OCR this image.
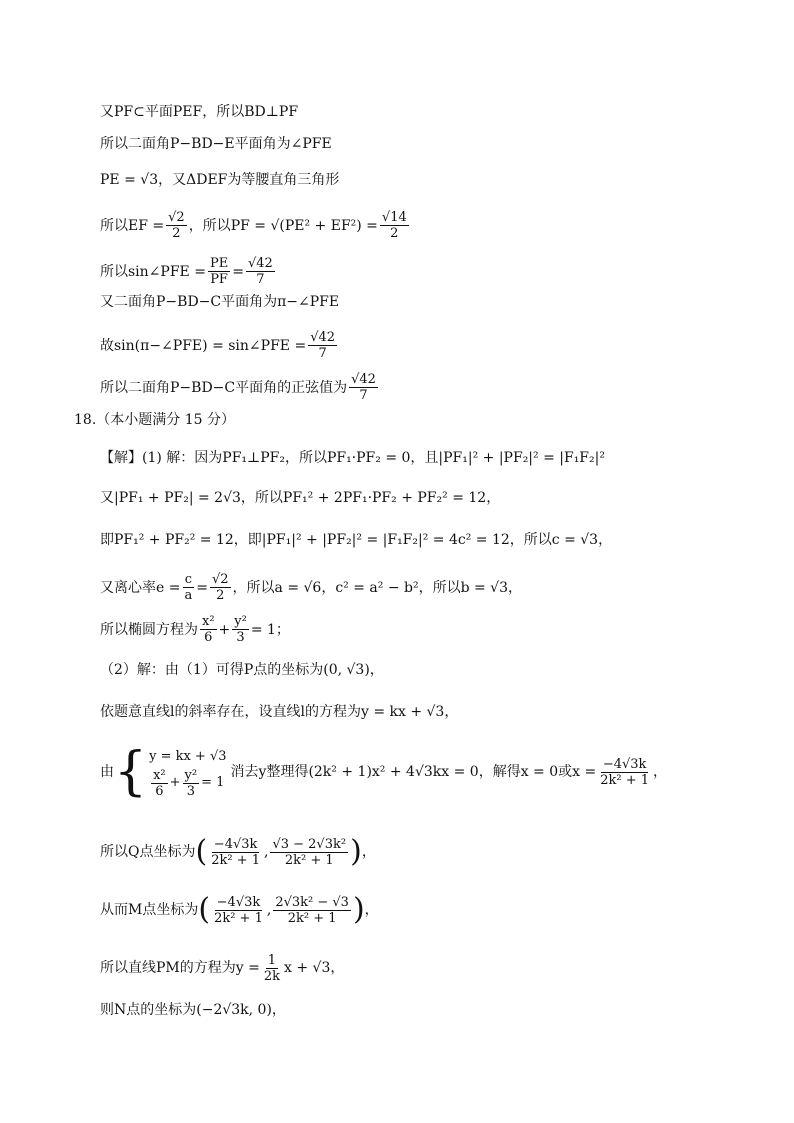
又PF⊂平面PEF，所以BD⊥PF
所以二面角P−BD−E平面角为∠PFE
PE = √3 ，又ΔDEF为等腰直角三角形
所以 EF = $\frac{√2}{2}$ ，所以 PF = $√(PE^2 + EF^2) = \frac{√14}{2}$
所以sin∠PFE = $\frac{PE}{PF} = \frac{√42}{7}$
又二面角P−BD−C平面角为π−∠PFE
故sin(π−∠PFE) = sin∠PFE = $\frac{√42}{7}$
所以二面角P−BD−C平面角的正弦值为 $\frac{√42}{7}$
18.（本小题满分 15 分）
【解】(1) 解：因为PF₁⊥PF₂，所以PF₁·PF₂ = 0，且|PF₁|² + |PF₂|² = |F₁F₂|²
又|PF₁ + PF₂| = 2√3，所以PF₁² + 2PF₁·PF₂ + PF₂² = 12，
即PF₁² + PF₂² = 12，即|PF₁|² + |PF₂|² = |F₁F₂|² = 4c² = 12，所以c = √3，
又离心率$e = \frac{c}{a} = \frac{√2}{2}$ ，所以a = √6，c² = a² − b²，所以b = √3，
所以椭圆方程为 $\frac{\text{x²}}{6} + \frac{\text{y²}}{3} = 1$；
（2）解：由（1）可得P点的坐标为(0, √3)，
依题意直线l的斜率存在，设直线l的方程为y = kx + √3，
由 { y = kx + √3
$\frac{\text{x²}}{6} + \frac{\text{y²}}{3} = 1$
消去y整理得(2k² + 1)x² + 4√3kx = 0，解得x = 0或$x = \frac{-4√3k}{\text{2k² + 1}}$ ，
所以Q点坐标为 ( $\frac{-4√3k}{\text{2k² + 1}}$ , $\frac{\text{√3 − 2√3k²}}{\text{2k² + 1}}$ ) ，
从而M点坐标为 ( $\frac{-4√3k}{\text{2k² + 1}}$ , $\frac{\text{2√3k² − √3}}{\text{2k² + 1}}$ ) ，
所以直线PM的方程为$y = \frac{1}{2k}$ x + √3，
则N点的坐标为(−2√3k, 0)，
